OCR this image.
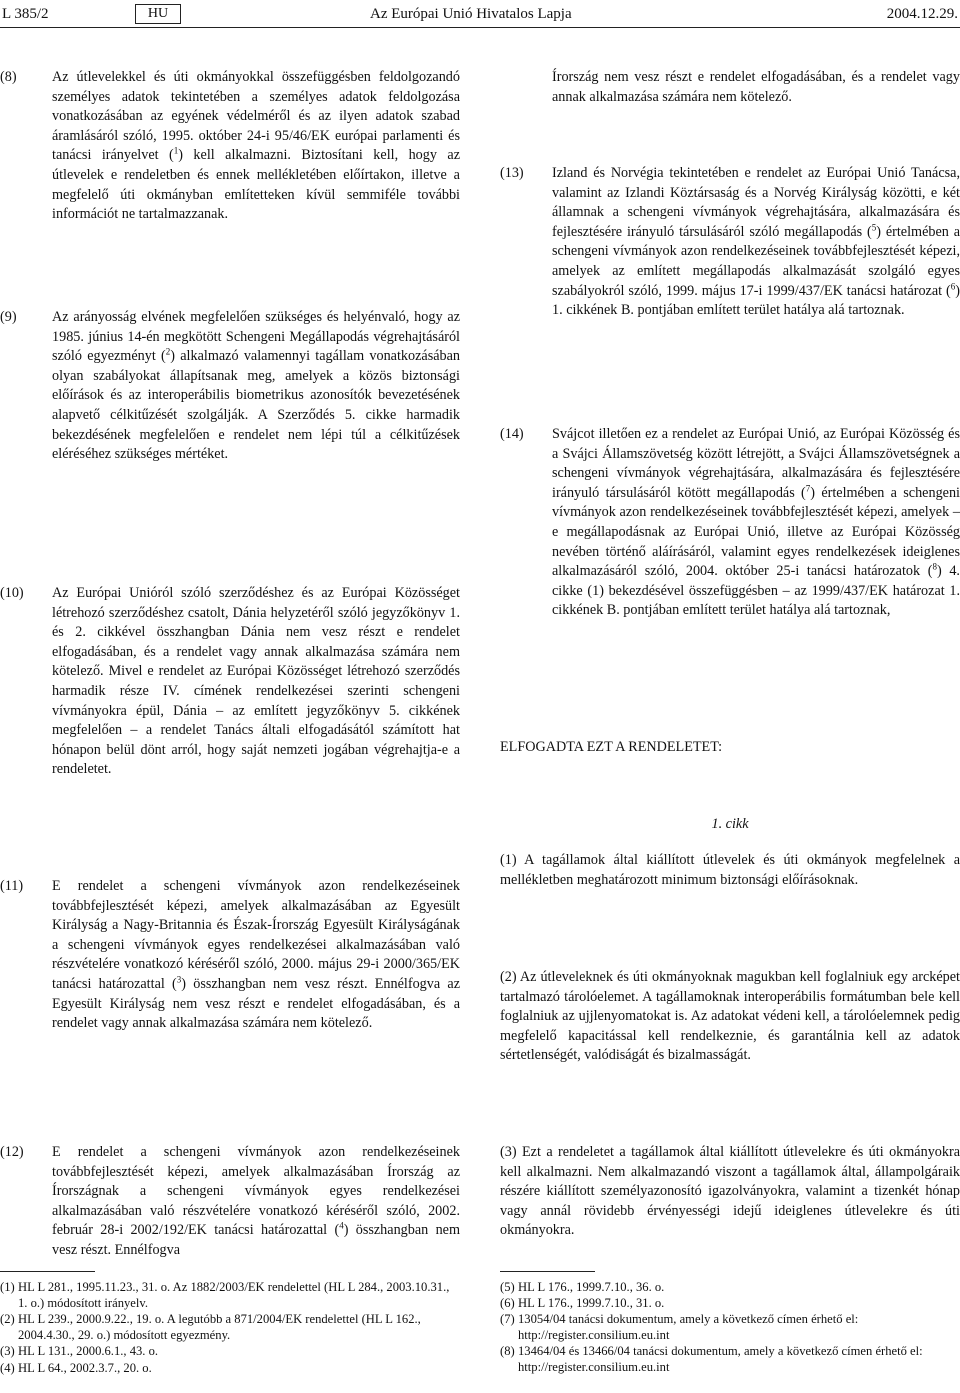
L 385/2	HU	Az Európai Unió Hivatalos Lapja	2004.12.29.
(8) Az útlevelekkel és úti okmányokkal összefüggésben feldolgozandó személyes adatok tekintetében a személyes adatok feldolgozása vonatkozásában az egyének védelméről és az ilyen adatok szabad áramlásáról szóló, 1995. október 24-i 95/46/EK európai parlamenti és tanácsi irányelvet ($^1$) kell alkalmazni. Biztosítani kell, hogy az útlevelek e rendeletben és ennek mellékletében előírtakon, illetve a megfelelő úti okmányban említetteken kívül semmiféle további információt ne tartalmazzanak.
(9) Az arányosság elvének megfelelően szükséges és helyénvaló, hogy az 1985. június 14-én megkötött Schengeni Megállapodás végrehajtásáról szóló egyezményt ($^2$) alkalmazó valamennyi tagállam vonatkozásában olyan szabályokat állapítsanak meg, amelyek a közös biztonsági előírások és az interoperábilis biometrikus azonosítók bevezetésének alapvető célkitűzését szolgálják. A Szerződés 5. cikke harmadik bekezdésének megfelelően e rendelet nem lépi túl a célkitűzések eléréséhez szükséges mértéket.
(10) Az Európai Unióról szóló szerződéshez és az Európai Közösséget létrehozó szerződéshez csatolt, Dánia helyzetéről szóló jegyzőkönyv 1. és 2. cikkével összhangban Dánia nem vesz részt e rendelet elfogadásában, és a rendelet vagy annak alkalmazása számára nem kötelező. Mivel e rendelet az Európai Közösséget létrehozó szerződés harmadik része IV. címének rendelkezései szerinti schengeni vívmányokra épül, Dánia – az említett jegyzőkönyv 5. cikkének megfelelően – a rendelet Tanács általi elfogadásától számított hat hónapon belül dönt arról, hogy saját nemzeti jogában végrehajtja-e a rendeletet.
(11) E rendelet a schengeni vívmányok azon rendelkezéseinek továbbfejlesztését képezi, amelyek alkalmazásában az Egyesült Királyság a Nagy-Britannia és Észak-Írország Egyesült Királyságának a schengeni vívmányok egyes rendelkezései alkalmazásában való részvételére vonatkozó kéréséről szóló, 2000. május 29-i 2000/365/EK tanácsi határozattal ($^3$) összhangban nem vesz részt. Ennélfogva az Egyesült Királyság nem vesz részt e rendelet elfogadásában, és a rendelet vagy annak alkalmazása számára nem kötelező.
(12) E rendelet a schengeni vívmányok azon rendelkezéseinek továbbfejlesztését képezi, amelyek alkalmazásában Írország az Írországnak a schengeni vívmányok egyes rendelkezései alkalmazásában való részvételére vonatkozó kéréséről szóló, 2002. február 28-i 2002/192/EK tanácsi határozattal ($^4$) összhangban nem vesz részt. Ennélfogva
Írország nem vesz részt e rendelet elfogadásában, és a rendelet vagy annak alkalmazása számára nem kötelező.
(13) Izland és Norvégia tekintetében e rendelet az Európai Unió Tanácsa, valamint az Izlandi Köztársaság és a Norvég Királyság közötti, e két államnak a schengeni vívmányok végrehajtására, alkalmazására és fejlesztésére irányuló társulásáról szóló megállapodás ($^5$) értelmében a schengeni vívmányok azon rendelkezéseinek továbbfejlesztését képezi, amelyek az említett megállapodás alkalmazását szolgáló egyes szabályokról szóló, 1999. május 17-i 1999/437/EK tanácsi határozat ($^6$) 1. cikkének B. pontjában említett terület hatálya alá tartoznak.
(14) Svájcot illetően ez a rendelet az Európai Unió, az Európai Közösség és a Svájci Államszövetség között létrejött, a Svájci Államszövetségnek a schengeni vívmányok végrehajtására, alkalmazására és fejlesztésére irányuló társulásáról kötött megállapodás ($^7$) értelmében a schengeni vívmányok azon rendelkezéseinek továbbfejlesztését képezi, amelyek – e megállapodásnak az Európai Unió, illetve az Európai Közösség nevében történő aláírásáról, valamint egyes rendelkezések ideiglenes alkalmazásáról szóló, 2004. október 25-i tanácsi határozatok ($^8$) 4. cikke (1) bekezdésével összefüggésben – az 1999/437/EK határozat 1. cikkének B. pontjában említett terület hatálya alá tartoznak,
ELFOGADTA EZT A RENDELETET:
1. cikk
(1) A tagállamok által kiállított útlevelek és úti okmányok megfelelnek a mellékletben meghatározott minimum biztonsági előírásoknak.
(2) Az útleveleknek és úti okmányoknak magukban kell foglalniuk egy arcképet tartalmazó tárolóelemet. A tagállamoknak interoperábilis formátumban bele kell foglalniuk az ujjlenyomatokat is. Az adatokat védeni kell, a tárolóelemnek pedig megfelelő kapacitással kell rendelkeznie, és garantálnia kell az adatok sértetlenségét, valódiságát és bizalmasságát.
(3) Ezt a rendeletet a tagállamok által kiállított útlevelekre és úti okmányokra kell alkalmazni. Nem alkalmazandó viszont a tagállamok által, állampolgáraik részére kiállított személyazonosító igazolványokra, valamint a tizenkét hónap vagy annál rövidebb érvényességi idejű ideiglenes útlevelekre és úti okmányokra.
(1) HL L 281., 1995.11.23., 31. o. Az 1882/2003/EK rendelettel (HL L 284., 2003.10.31., 1. o.) módosított irányelv.
(2) HL L 239., 2000.9.22., 19. o. A legutóbb a 871/2004/EK rendelettel (HL L 162., 2004.4.30., 29. o.) módosított egyezmény.
(3) HL L 131., 2000.6.1., 43. o.
(4) HL L 64., 2002.3.7., 20. o.
(5) HL L 176., 1999.7.10., 36. o.
(6) HL L 176., 1999.7.10., 31. o.
(7) 13054/04 tanácsi dokumentum, amely a következő címen érhető el: http://register.consilium.eu.int
(8) 13464/04 és 13466/04 tanácsi dokumentum, amely a következő címen érhető el: http://register.consilium.eu.int
